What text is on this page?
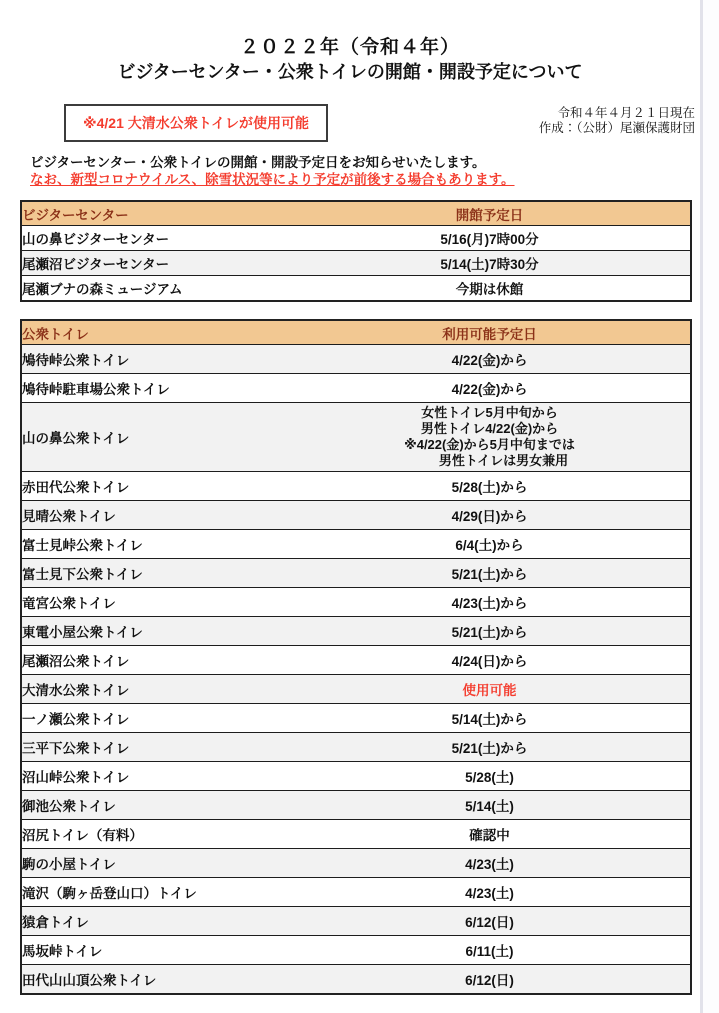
２０２２年（令和４年）
ビジターセンター・公衆トイレの開館・開設予定について
※4/21 大清水公衆トイレが使用可能
令和４年４月２１日現在
作成：（公財）尾瀬保護財団
ビジターセンター・公衆トイレの開館・開設予定日をお知らせいたします。
なお、新型コロナウイルス、除雪状況等により予定が前後する場合もあります。
ビジターセンター	開館予定日
山の鼻ビジターセンター	5/16(月)7時00分
尾瀬沼ビジターセンター	5/14(土)7時30分
尾瀬ブナの森ミュージアム	今期は休館
公衆トイレ	利用可能予定日
鳩待峠公衆トイレ	4/22(金)から
鳩待峠駐車場公衆トイレ	4/22(金)から
山の鼻公衆トイレ	女性トイレ5月中旬から
男性トイレ4/22(金)から
※4/22(金)から5月中旬までは
男性トイレは男女兼用

赤田代公衆トイレ	5/28(土)から
見晴公衆トイレ	4/29(日)から
富士見峠公衆トイレ	6/4(土)から
富士見下公衆トイレ	5/21(土)から
竜宮公衆トイレ	4/23(土)から
東電小屋公衆トイレ	5/21(土)から
尾瀬沼公衆トイレ	4/24(日)から
大清水公衆トイレ	使用可能
一ノ瀬公衆トイレ	5/14(土)から
三平下公衆トイレ	5/21(土)から
沼山峠公衆トイレ	5/28(土)
御池公衆トイレ	5/14(土)
沼尻トイレ（有料）	確認中
駒の小屋トイレ	4/23(土)
滝沢（駒ヶ岳登山口）トイレ	4/23(土)
猿倉トイレ	6/12(日)
馬坂峠トイレ	6/11(土)
田代山山頂公衆トイレ	6/12(日)
